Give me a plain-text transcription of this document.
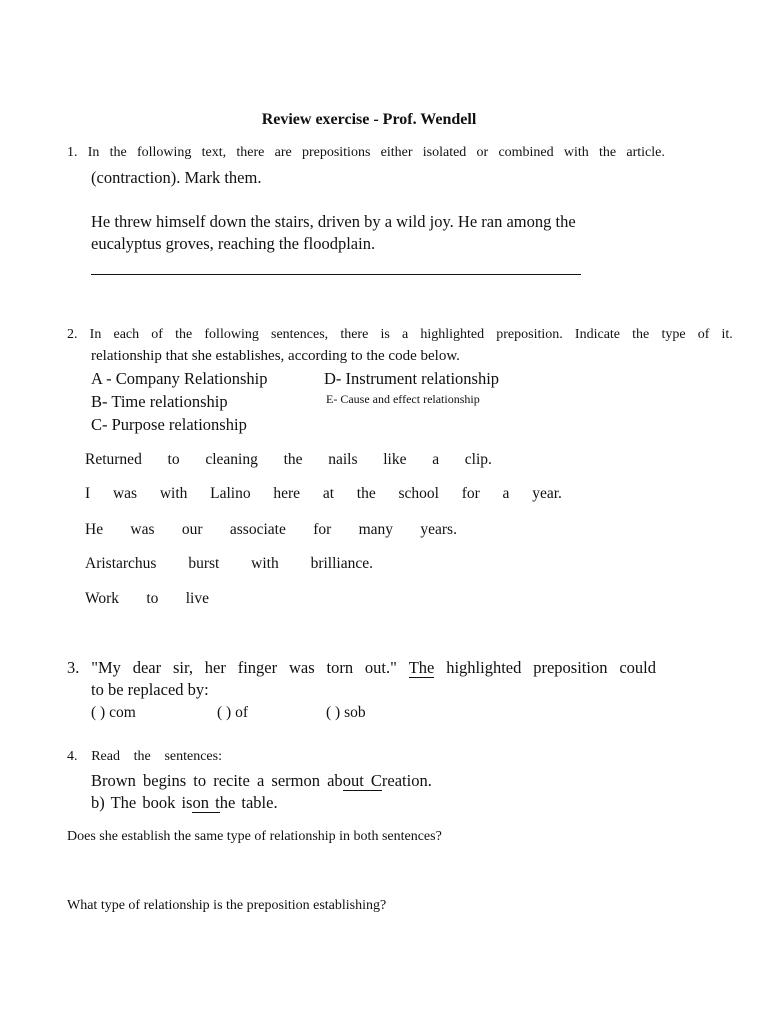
Review exercise - Prof. Wendell
1. In the following text, there are prepositions either isolated or combined with the article.
(contraction). Mark them.
He threw himself down the stairs, driven by a wild joy. He ran among the
eucalyptus groves, reaching the floodplain.
2. In each of the following sentences, there is a highlighted preposition. Indicate the type of it.
relationship that she establishes, according to the code below.
A - Company Relationship	D- Instrument relationship
B- Time relationship	E- Cause and effect relationship
C- Purpose relationship
Returned to cleaning the nails like a clip.
I was with Lalino here at the school for a year.
He was our associate for many years.
Aristarchus burst with brilliance.
Work to live
3. "My dear sir, her finger was torn out." The highlighted preposition could
to be replaced by:
( ) com	( ) of	( ) sob
4. Read the sentences:
Brown begins to recite a sermon about Creation.
b) The book ison the table.
Does she establish the same type of relationship in both sentences?
What type of relationship is the preposition establishing?
